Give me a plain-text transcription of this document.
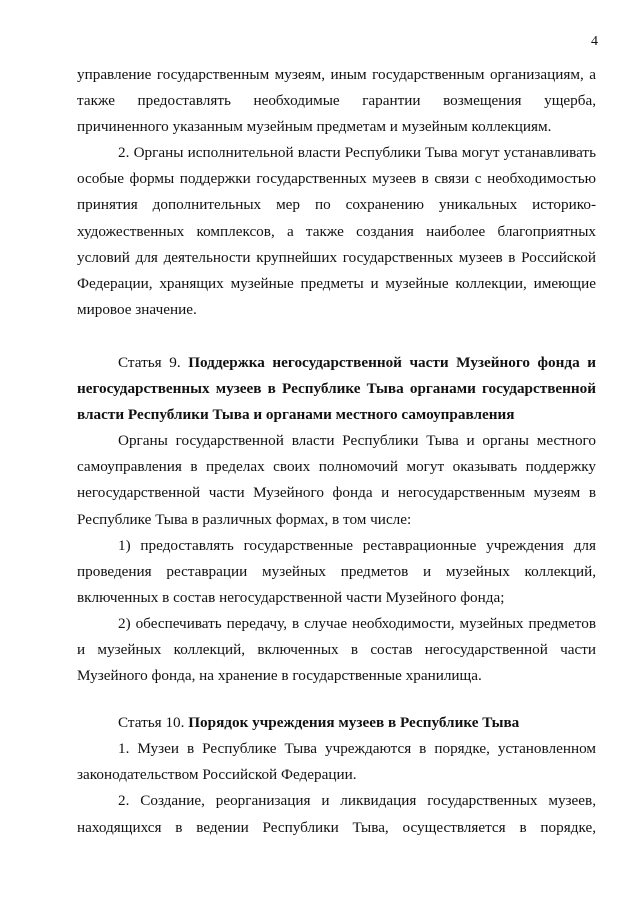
4

управление государственным музеям, иным государственным организациям, а

также предоставлять необходимые гарантии возмещения ущерба,

причиненного указанным музейным предметам и музейным коллекциям.

2. Органы исполнительной власти Республики Тыва могут устанавливать

особые формы поддержки государственных музеев в связи с необходимостью

принятия дополнительных мер по сохранению уникальных историко-

художественных комплексов, а также создания наиболее благоприятных

условий для деятельности крупнейших государственных музеев в Российской

Федерации, хранящих музейные предметы и музейные коллекции, имеющие

мировое значение.

Статья 9. Поддержка негосударственной части Музейного фонда и

негосударственных музеев в Республике Тыва органами государственной

власти Республики Тыва и органами местного самоуправления

Органы государственной власти Республики Тыва и органы местного

самоуправления в пределах своих полномочий могут оказывать поддержку

негосударственной части Музейного фонда и негосударственным музеям в

Республике Тыва в различных формах, в том числе:

1) предоставлять государственные реставрационные учреждения для

проведения реставрации музейных предметов и музейных коллекций,

включенных в состав негосударственной части Музейного фонда;

2) обеспечивать передачу, в случае необходимости, музейных предметов

и музейных коллекций, включенных в состав негосударственной части

Музейного фонда, на хранение в государственные хранилища.

Статья 10. Порядок учреждения музеев в Республике Тыва

1. Музеи в Республике Тыва учреждаются в порядке, установленном

законодательством Российской Федерации.

2. Создание, реорганизация и ликвидация государственных музеев,

находящихся в ведении Республики Тыва, осуществляется в порядке,
